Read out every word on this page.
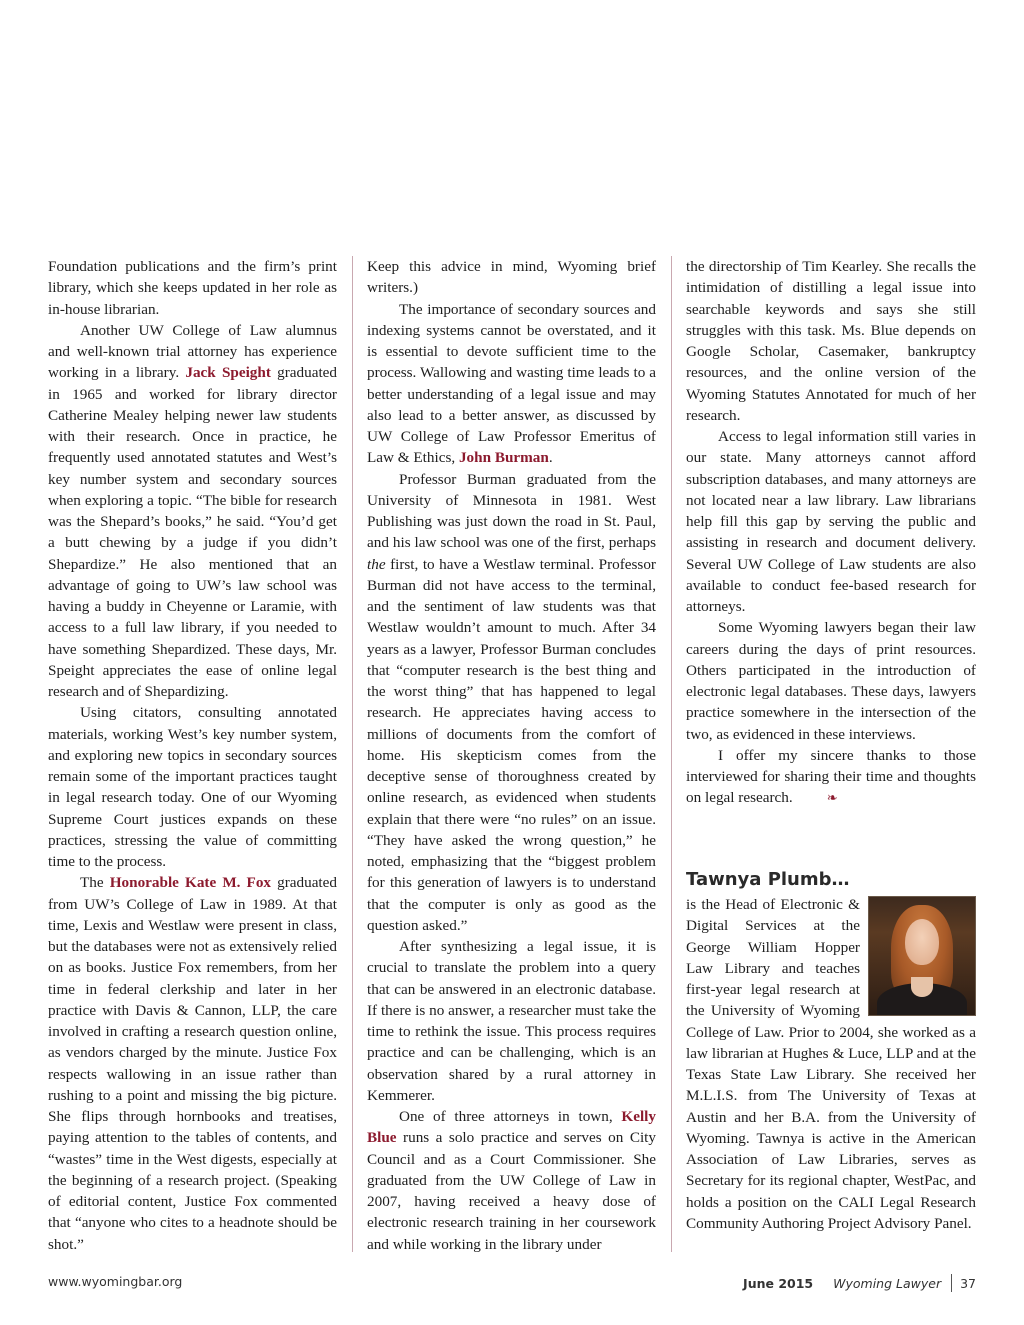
Foundation publications and the firm’s print library, which she keeps updated in her role as in-house librarian.

Another UW College of Law alumnus and well-known trial attorney has experience working in a library. Jack Speight graduated in 1965 and worked for library director Catherine Mealey helping newer law students with their research. Once in practice, he frequently used annotated statutes and West’s key number system and secondary sources when exploring a topic. “The bible for research was the Shepard’s books,” he said. “You’d get a butt chewing by a judge if you didn’t Shepardize.” He also mentioned that an advantage of going to UW’s law school was having a buddy in Cheyenne or Laramie, with access to a full law library, if you needed to have something Shepardized. These days, Mr. Speight appreciates the ease of online legal research and of Shepardizing.

Using citators, consulting annotated materials, working West’s key number system, and exploring new topics in secondary sources remain some of the important practices taught in legal research today. One of our Wyoming Supreme Court justices expands on these practices, stressing the value of committing time to the process.

The Honorable Kate M. Fox graduated from UW’s College of Law in 1989. At that time, Lexis and Westlaw were present in class, but the databases were not as extensively relied on as books. Justice Fox remembers, from her time in federal clerkship and later in her practice with Davis & Cannon, LLP, the care involved in crafting a research question online, as vendors charged by the minute. Justice Fox respects wallowing in an issue rather than rushing to a point and missing the big picture. She flips through hornbooks and treatises, paying attention to the tables of contents, and “wastes” time in the West digests, especially at the beginning of a research project. (Speaking of editorial content, Justice Fox commented that “anyone who cites to a headnote should be shot.”

Keep this advice in mind, Wyoming brief writers.)

The importance of secondary sources and indexing systems cannot be overstated, and it is essential to devote sufficient time to the process. Wallowing and wasting time leads to a better understanding of a legal issue and may also lead to a better answer, as discussed by UW College of Law Professor Emeritus of Law & Ethics, John Burman.

Professor Burman graduated from the University of Minnesota in 1981. West Publishing was just down the road in St. Paul, and his law school was one of the first, perhaps the first, to have a Westlaw terminal. Professor Burman did not have access to the terminal, and the sentiment of law students was that Westlaw wouldn’t amount to much. After 34 years as a lawyer, Professor Burman concludes that “computer research is the best thing and the worst thing” that has happened to legal research. He appreciates having access to millions of documents from the comfort of home. His skepticism comes from the deceptive sense of thoroughness created by online research, as evidenced when students explain that there were “no rules” on an issue. “They have asked the wrong question,” he noted, emphasizing that the “biggest problem for this generation of lawyers is to understand that the computer is only as good as the question asked.”

After synthesizing a legal issue, it is crucial to translate the problem into a query that can be answered in an electronic database. If there is no answer, a researcher must take the time to rethink the issue. This process requires practice and can be challenging, which is an observation shared by a rural attorney in Kemmerer.

One of three attorneys in town, Kelly Blue runs a solo practice and serves on City Council and as a Court Commissioner. She graduated from the UW College of Law in 2007, having received a heavy dose of electronic research training in her coursework and while working in the library under

the directorship of Tim Kearley. She recalls the intimidation of distilling a legal issue into searchable keywords and says she still struggles with this task. Ms. Blue depends on Google Scholar, Casemaker, bankruptcy resources, and the online version of the Wyoming Statutes Annotated for much of her research.

Access to legal information still varies in our state. Many attorneys cannot afford subscription databases, and many attorneys are not located near a law library. Law librarians help fill this gap by serving the public and assisting in research and document delivery. Several UW College of Law students are also available to conduct fee-based research for attorneys.

Some Wyoming lawyers began their law careers during the days of print resources. Others participated in the introduction of electronic legal databases. These days, lawyers practice somewhere in the intersection of the two, as evidenced in these interviews.

I offer my sincere thanks to those interviewed for sharing their time and thoughts on legal research.	❧

Tawnya Plumb…
is the Head of Electronic & Digital Services at the George William Hopper Law Library and teaches first-year legal research at the University of Wyoming College of Law. Prior to 2004, she worked as a law librarian at Hughes & Luce, LLP and at the Texas State Law Library. She received her M.L.I.S. from The University of Texas at Austin and her B.A. from the University of Wyoming. Tawnya is active in the American Association of Law Libraries, serves as Secretary for its regional chapter, WestPac, and holds a position on the CALI Legal Research Community Authoring Project Advisory Panel.
www.wyomingbar.org	June 2015 Wyoming Lawyer 37
